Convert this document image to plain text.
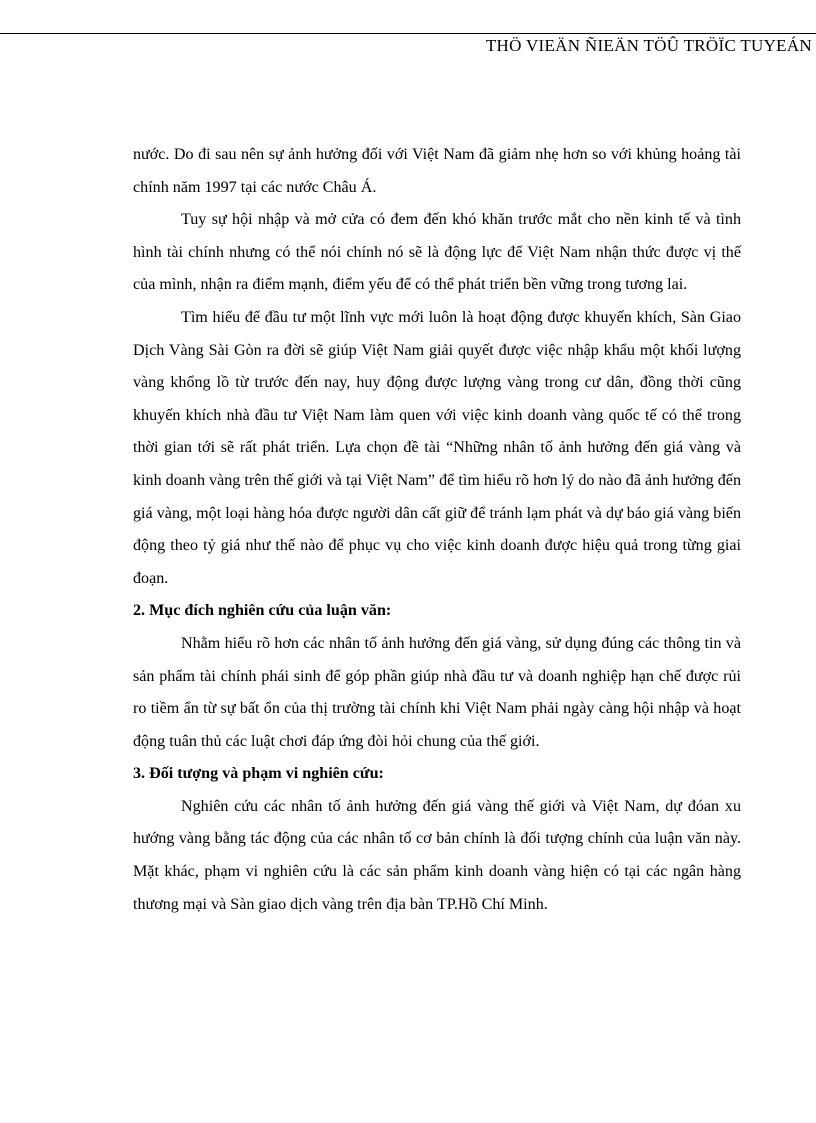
THÖ VIEÄN ÑIEÄN TÖÛ TRÖÏC TUYEÁN

nước. Do đi sau nên sự ảnh hưởng đối với Việt Nam đã giảm nhẹ hơn so với khủng hoảng tài chính năm 1997 tại các nước Châu Á.

Tuy sự hội nhập và mở cửa có đem đến khó khăn trước mắt cho nền kinh tế và tình hình tài chính nhưng có thể nói chính nó sẽ là động lực để Việt Nam nhận thức được vị thế của mình, nhận ra điểm mạnh, điểm yếu để có thể phát triển bền vững trong tương lai.

Tìm hiểu để đầu tư một lĩnh vực mới luôn là hoạt động được khuyến khích, Sàn Giao Dịch Vàng Sài Gòn ra đời sẽ giúp Việt Nam giải quyết được việc nhập khẩu một khối lượng vàng khổng lồ từ trước đến nay, huy động được lượng vàng trong cư dân, đồng thời cũng khuyến khích nhà đầu tư Việt Nam làm quen với việc kinh doanh vàng quốc tế có thể trong thời gian tới sẽ rất phát triển. Lựa chọn đề tài “Những nhân tố ảnh hưởng đến giá vàng và kinh doanh vàng trên thế giới và tại Việt Nam” để tìm hiểu rõ hơn lý do nào đã ảnh hưởng đến giá vàng, một loại hàng hóa được người dân cất giữ để tránh lạm phát và dự báo giá vàng biến động theo tỷ giá như thế nào để phục vụ cho việc kinh doanh được hiệu quả trong từng giai đoạn.

2. Mục đích nghiên cứu của luận văn:

Nhằm hiểu rõ hơn các nhân tố ảnh hưởng đến giá vàng, sử dụng đúng các thông tin và sản phẩm tài chính phái sinh để góp phần giúp nhà đầu tư và doanh nghiệp hạn chế được rủi ro tiềm ẩn từ sự bất ổn của thị trường tài chính khi Việt Nam phải ngày càng hội nhập và hoạt động tuân thủ các luật chơi đáp ứng đòi hỏi chung của thế giới.

3. Đối tượng và phạm vi nghiên cứu:

Nghiên cứu các nhân tố ảnh hưởng đến giá vàng thế giới và Việt Nam, dự đóan xu hướng vàng bằng tác động của các nhân tố cơ bản chính là đối tượng chính của luận văn này. Mặt khác, phạm vi nghiên cứu là các sản phẩm kinh doanh vàng hiện có tại các ngân hàng thương mại và Sàn giao dịch vàng trên địa bàn TP.Hồ Chí Minh.
